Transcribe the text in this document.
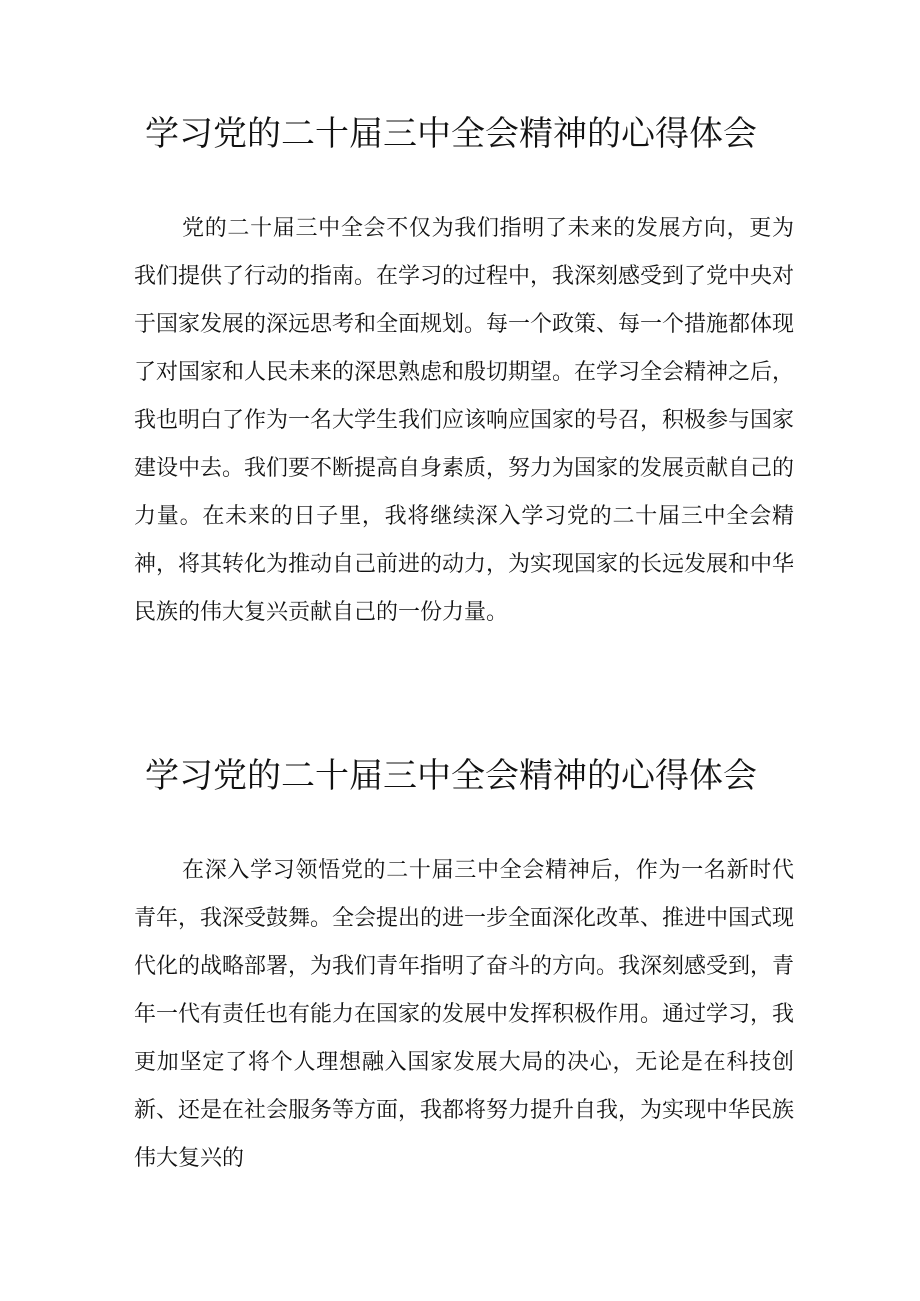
学习党的二十届三中全会精神的心得体会

党的二十届三中全会不仅为我们指明了未来的发展方向，更为我们提供了行动的指南。在学习的过程中，我深刻感受到了党中央对于国家发展的深远思考和全面规划。每一个政策、每一个措施都体现了对国家和人民未来的深思熟虑和殷切期望。在学习全会精神之后，我也明白了作为一名大学生我们应该响应国家的号召，积极参与国家建设中去。我们要不断提高自身素质，努力为国家的发展贡献自己的力量。在未来的日子里，我将继续深入学习党的二十届三中全会精神，将其转化为推动自己前进的动力，为实现国家的长远发展和中华民族的伟大复兴贡献自己的一份力量。

学习党的二十届三中全会精神的心得体会

在深入学习领悟党的二十届三中全会精神后，作为一名新时代青年，我深受鼓舞。全会提出的进一步全面深化改革、推进中国式现代化的战略部署，为我们青年指明了奋斗的方向。我深刻感受到，青年一代有责任也有能力在国家的发展中发挥积极作用。通过学习，我更加坚定了将个人理想融入国家发展大局的决心，无论是在科技创新、还是在社会服务等方面，我都将努力提升自我，为实现中华民族伟大复兴的
